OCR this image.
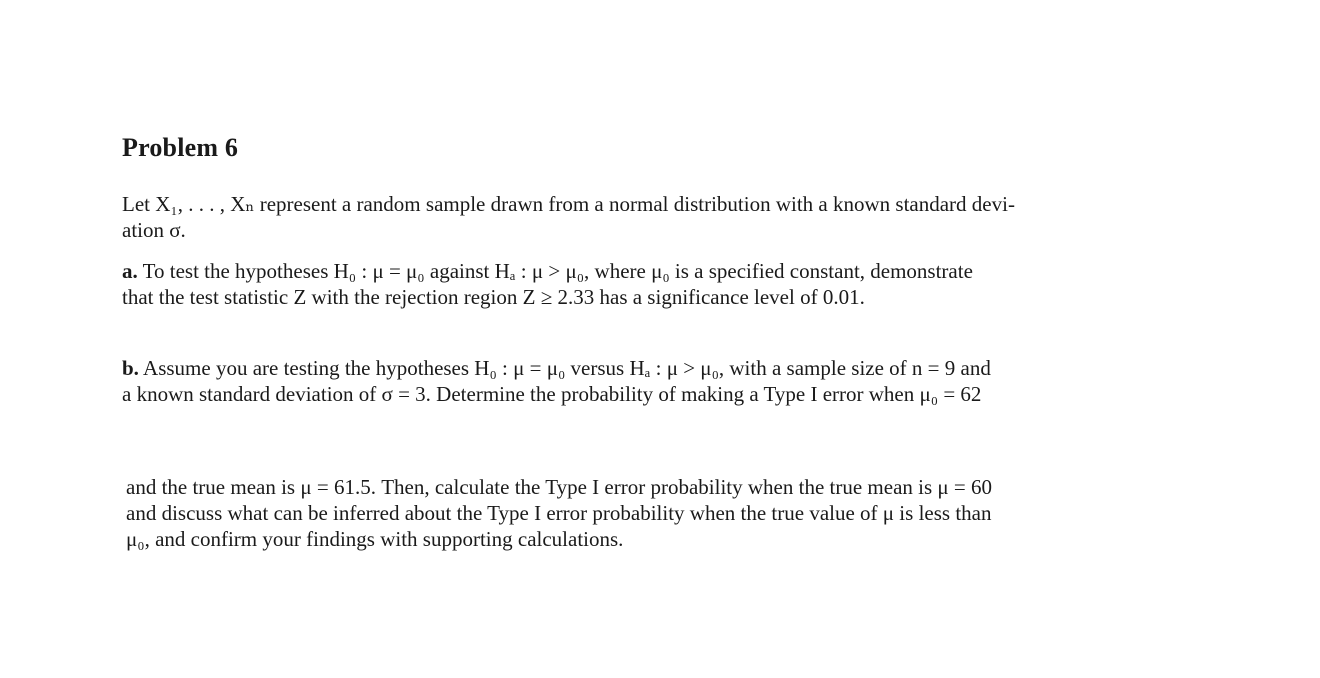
Problem 6
Let X₁, . . . , Xₙ represent a random sample drawn from a normal distribution with a known standard devi-
ation σ.
a. To test the hypotheses H₀ : μ = μ₀ against Hₐ : μ > μ₀, where μ₀ is a specified constant, demonstrate
that the test statistic Z with the rejection region Z ≥ 2.33 has a significance level of 0.01.
b. Assume you are testing the hypotheses H₀ : μ = μ₀ versus Hₐ : μ > μ₀, with a sample size of n = 9 and
a known standard deviation of σ = 3. Determine the probability of making a Type I error when μ₀ = 62
and the true mean is μ = 61.5. Then, calculate the Type I error probability when the true mean is μ = 60
and discuss what can be inferred about the Type I error probability when the true value of μ is less than
μ₀, and confirm your findings with supporting calculations.
